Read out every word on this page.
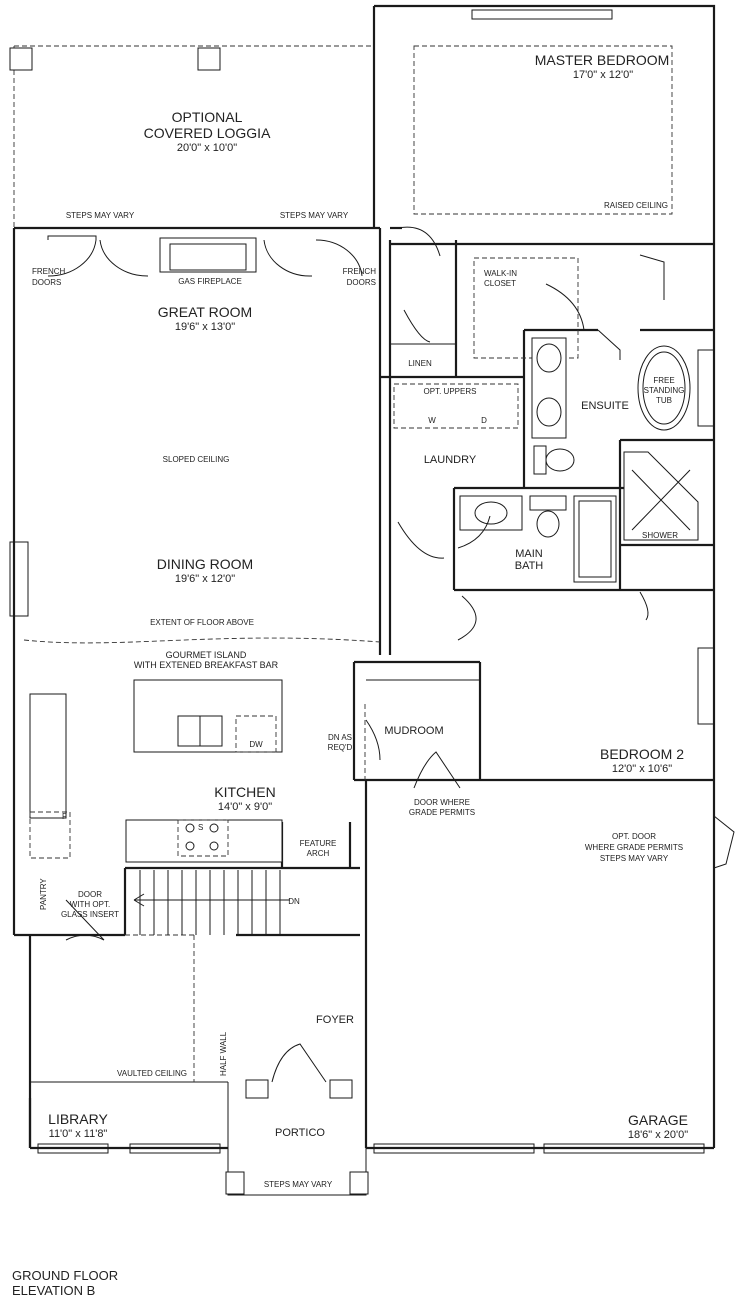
MASTER BEDROOM
17'0" x 12'0"
RAISED CEILING
OPTIONAL
COVERED LOGGIA
20'0" x 10'0"
STEPS MAY VARY	STEPS MAY VARY
FRENCH
DOORS
FRENCH
DOORS
GAS FIREPLACE
GREAT ROOM
19'6" x 13'0"
SLOPED CEILING
DINING ROOM
19'6" x 12'0"
EXTENT OF FLOOR ABOVE
GOURMET ISLAND
WITH EXTENED BREAKFAST BAR
DW
KITCHEN
14'0" x 9'0"
F
S
FEATURE
ARCH
PANTRY	DOOR
WITH OPT.
GLASS INSERT
DN
FOYER
HALF WALL
VAULTED CEILING
LIBRARY
11'0" x 11'8"	PORTICO
STEPS MAY VARY
WALK-IN
CLOSET
LINEN
OPT. UPPERS
W	D
LAUNDRY
ENSUITE
FREE
STANDING
TUB
SHOWER
MAIN
BATH
MUDROOM
DN AS
REQ'D
DOOR WHERE
GRADE PERMITS
BEDROOM 2
12'0" x 10'6"
OPT. DOOR
WHERE GRADE PERMITS
STEPS MAY VARY
GARAGE
18'6" x 20'0"
GROUND FLOOR
ELEVATION B
